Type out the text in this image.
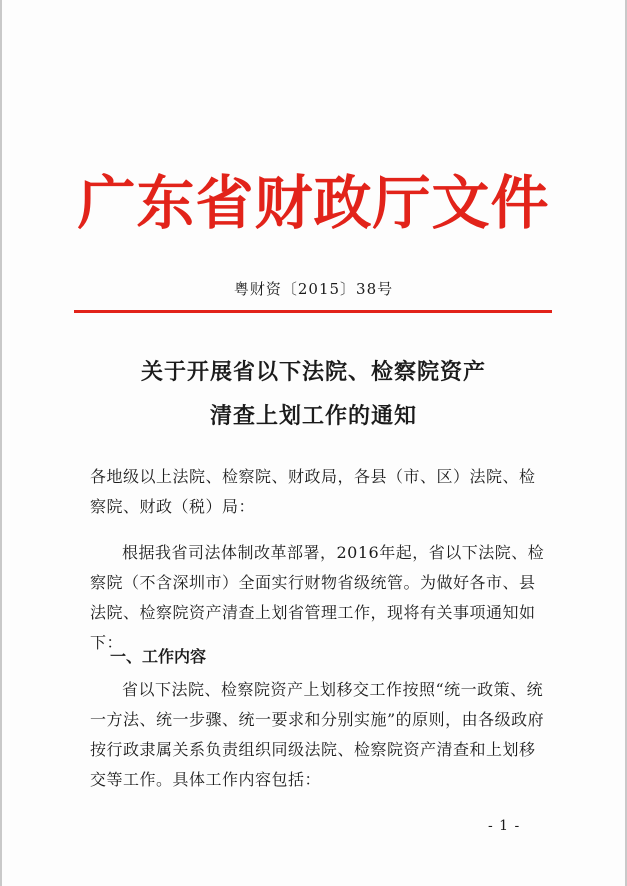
广东省财政厅文件
粤财资〔2015〕38号
关于开展省以下法院、检察院资产
清查上划工作的通知
各地级以上法院、检察院、财政局，各县（市、区）法院、检察院、财政（税）局：
根据我省司法体制改革部署，2016年起，省以下法院、检察院（不含深圳市）全面实行财物省级统管。为做好各市、县法院、检察院资产清查上划省管理工作，现将有关事项通知如下：
一、工作内容
省以下法院、检察院资产上划移交工作按照“统一政策、统一方法、统一步骤、统一要求和分别实施”的原则，由各级政府按行政隶属关系负责组织同级法院、检察院资产清查和上划移交等工作。具体工作内容包括：
- 1 -
